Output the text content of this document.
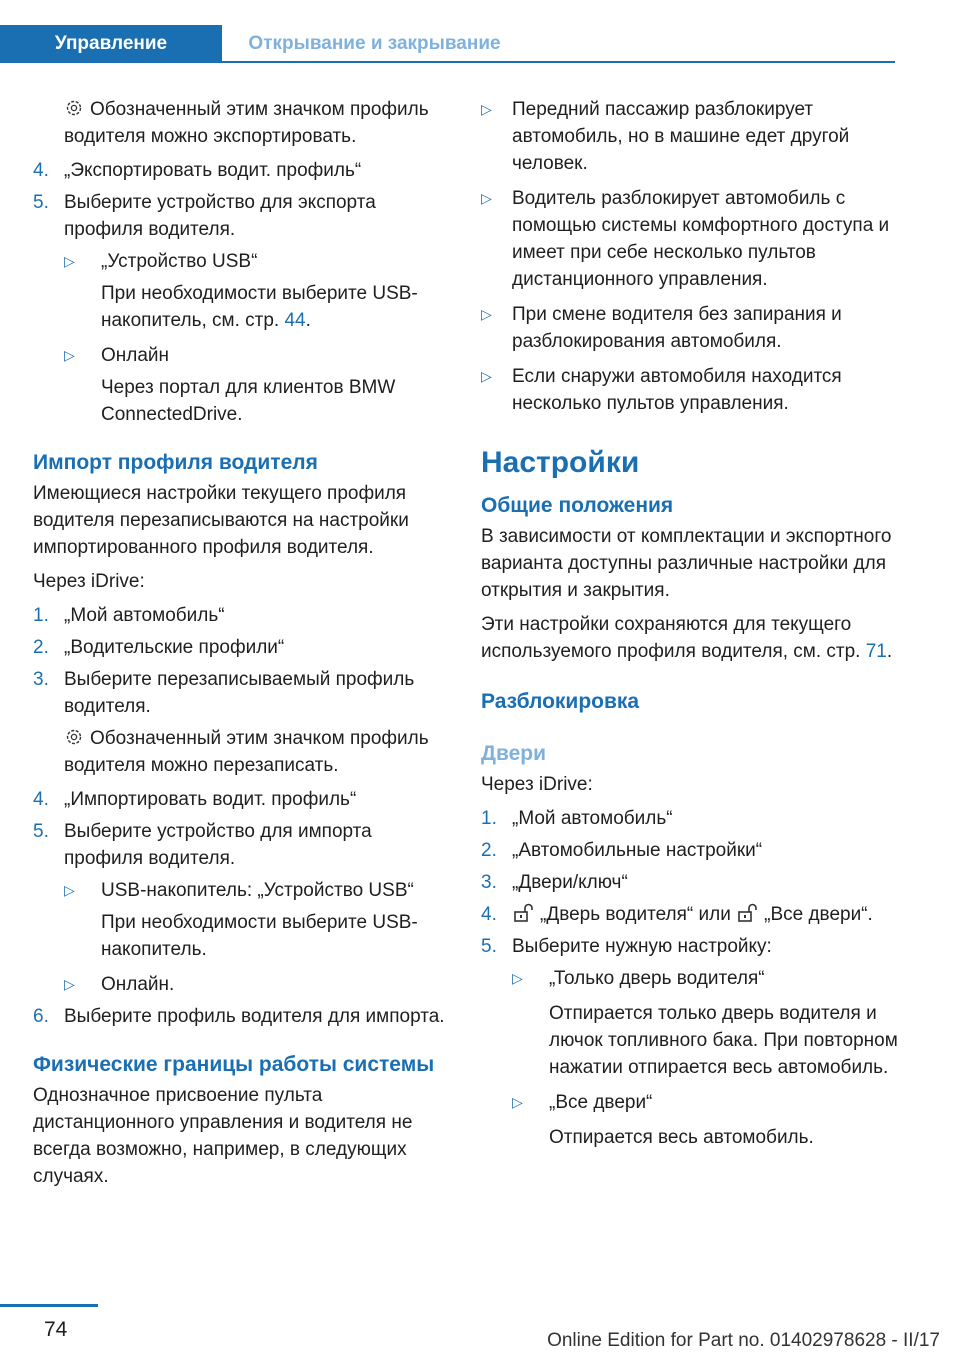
Управление	Открывание и закрывание
Обозначенный этим значком профиль водителя можно экспортировать.
4. „Экспортировать водит. профиль“
5. Выберите устройство для экспорта профиля водителя.
▷	„Устройство USB“
При необходимости выберите USB-накопитель, см. стр. 44.
▷	Онлайн
Через портал для клиентов BMW ConnectedDrive.
Импорт профиля водителя
Имеющиеся настройки текущего профиля водителя перезаписываются на настройки импортированного профиля водителя.
Через iDrive:
1. „Мой автомобиль“
2. „Водительские профили“
3. Выберите перезаписываемый профиль водителя.
Обозначенный этим значком профиль водителя можно перезаписать.
4. „Импортировать водит. профиль“
5. Выберите устройство для импорта профиля водителя.
▷	USB-накопитель: „Устройство USB“
При необходимости выберите USB-накопитель.
▷	Онлайн.
6. Выберите профиль водителя для импорта.
Физические границы работы системы
Однозначное присвоение пульта дистанционного управления и водителя не всегда возможно, например, в следующих случаях.
▷	Передний пассажир разблокирует автомобиль, но в машине едет другой человек.
▷	Водитель разблокирует автомобиль с помощью системы комфортного доступа и имеет при себе несколько пультов дистанционного управления.
▷	При смене водителя без запирания и разблокирования автомобиля.
▷	Если снаружи автомобиля находится несколько пультов управления.
Настройки
Общие положения
В зависимости от комплектации и экспортного варианта доступны различные настройки для открытия и закрытия.
Эти настройки сохраняются для текущего используемого профиля водителя, см. стр. 71.
Разблокировка
Двери
Через iDrive:
1. „Мой автомобиль“
2. „Автомобильные настройки“
3. „Двери/ключ“
4.	„Дверь водителя“ или „Все двери“.
5. Выберите нужную настройку:
▷	„Только дверь водителя“
Отпирается только дверь водителя и лючок топливного бака. При повторном нажатии отпирается весь автомобиль.
▷	„Все двери“
Отпирается весь автомобиль.
74	Online Edition for Part no. 01402978628 - II/17
